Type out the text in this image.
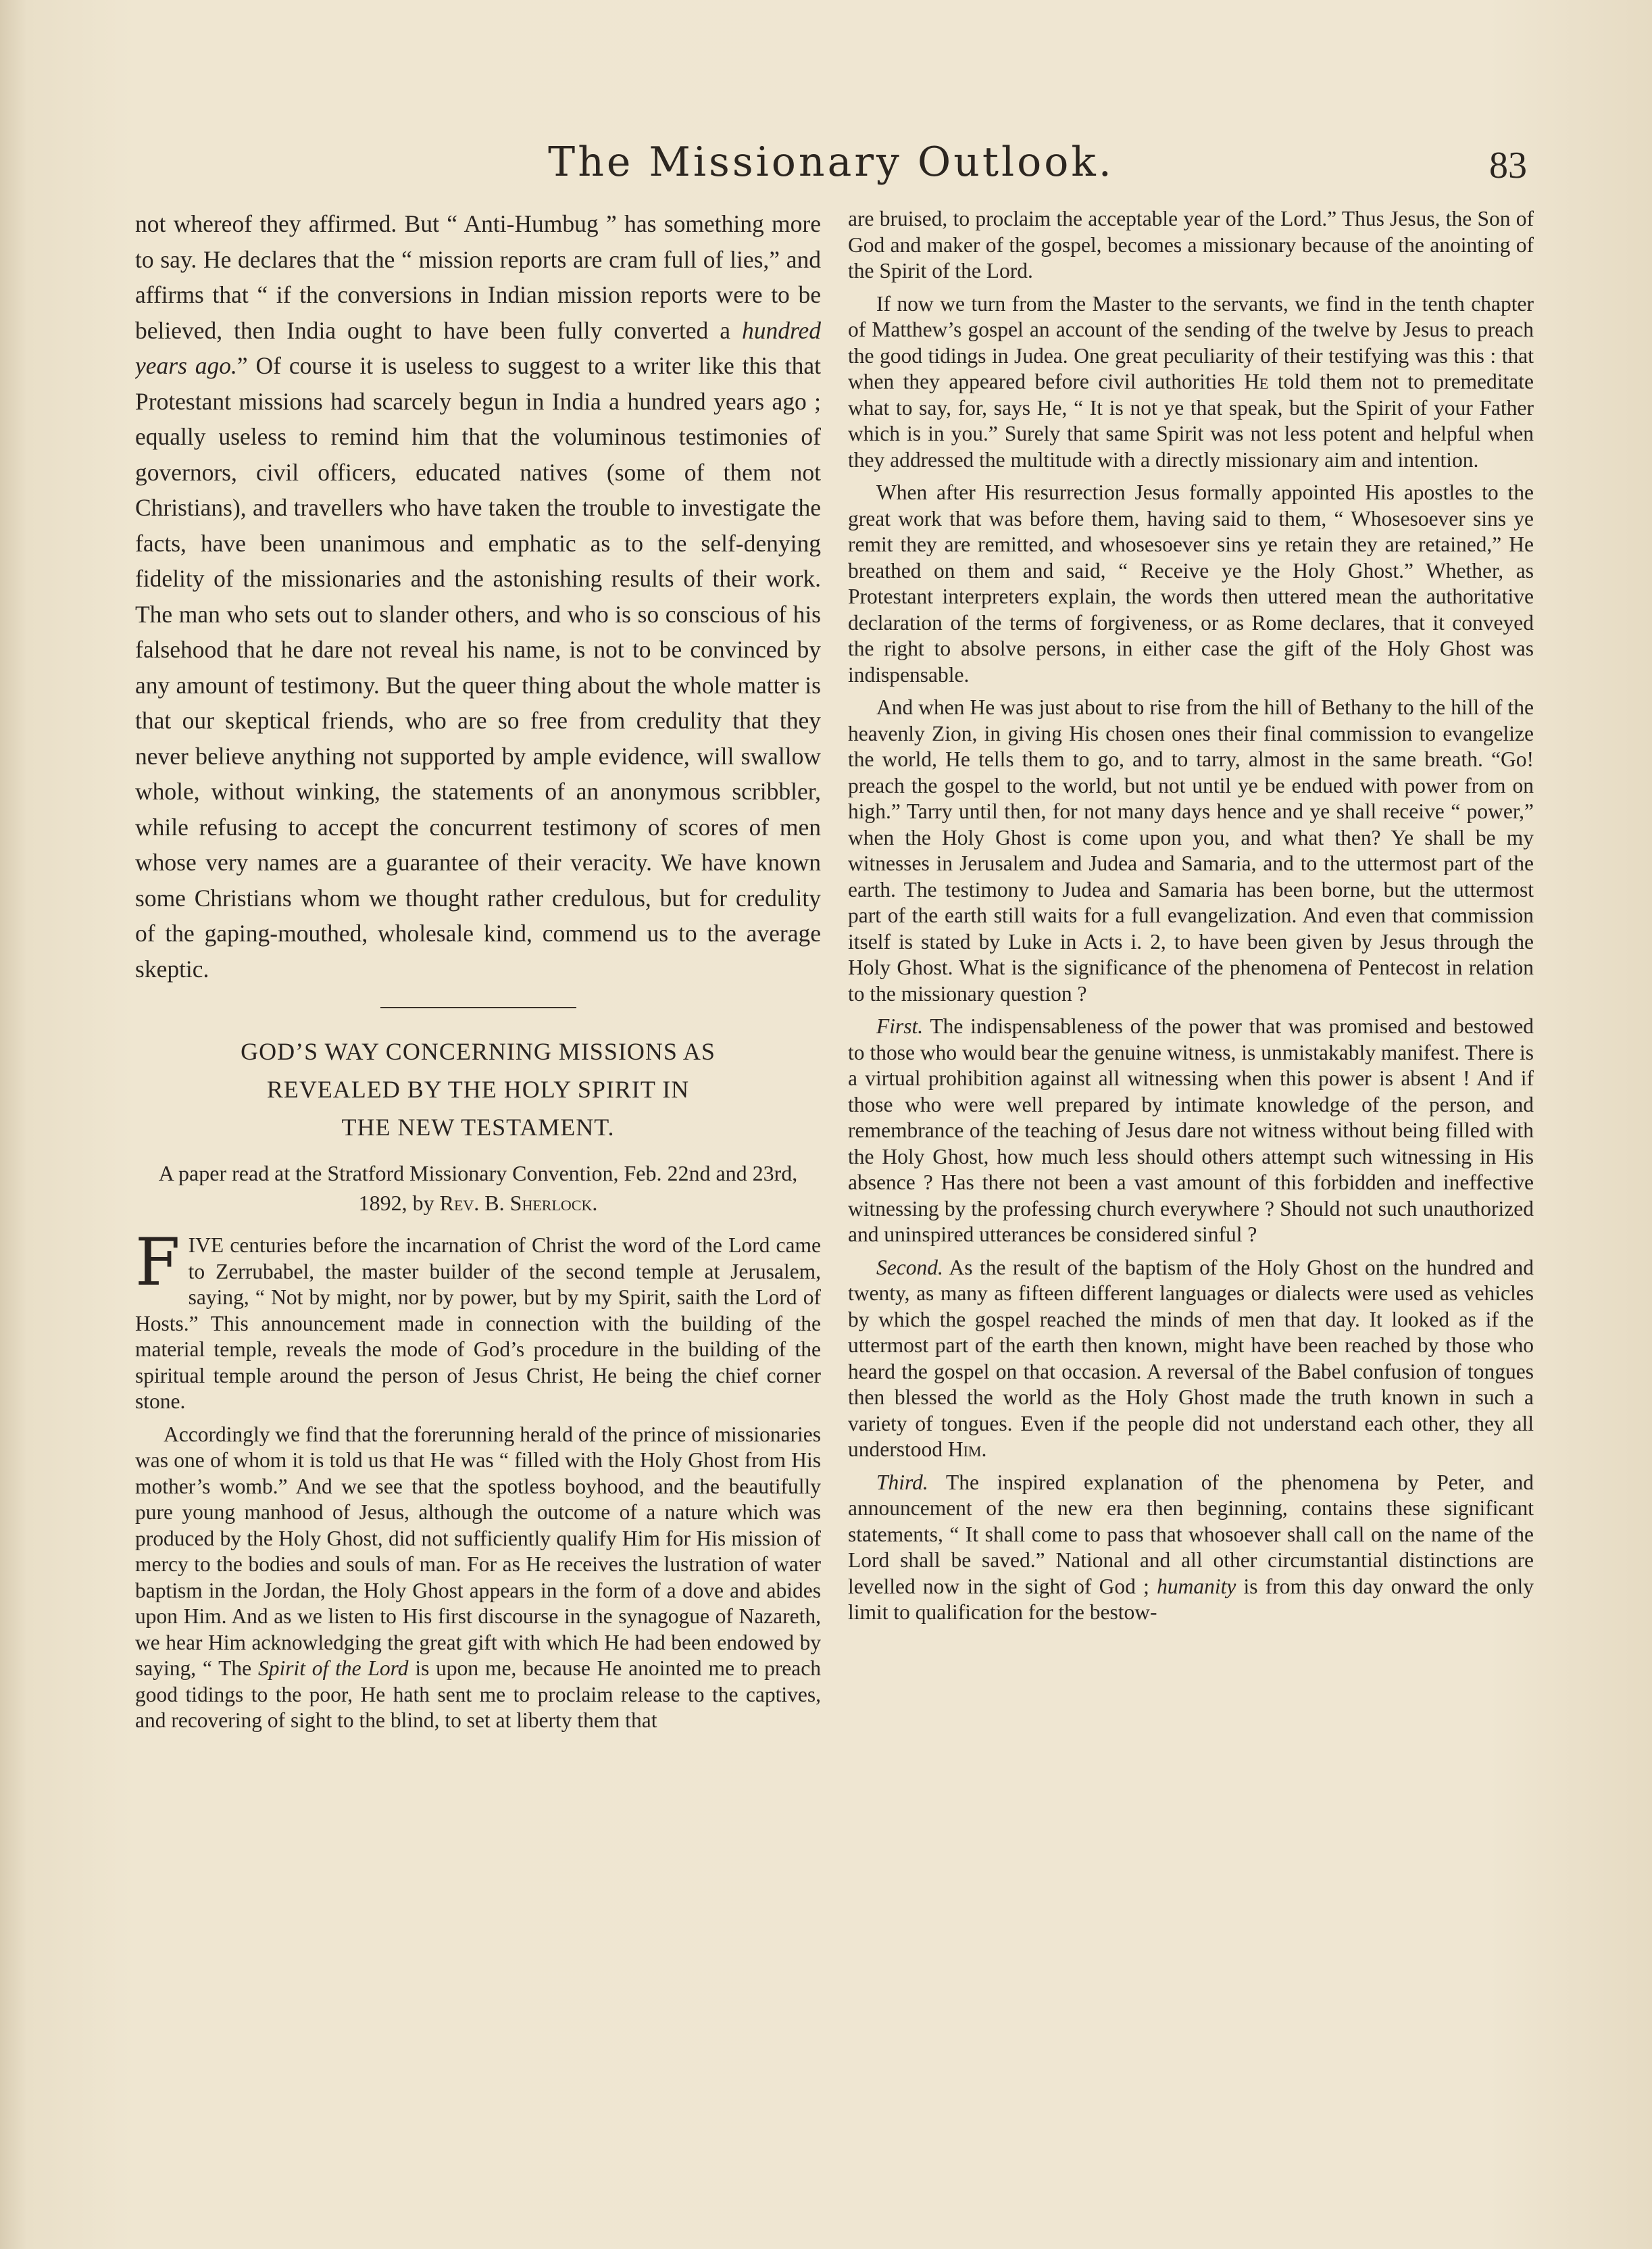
The Missionary Outlook.	83

not whereof they affirmed. But “ Anti-Humbug ” has something more to say. He declares that the “ mission reports are cram full of lies,” and affirms that “ if the conversions in Indian mission reports were to be believed, then India ought to have been fully converted a hundred years ago.” Of course it is useless to suggest to a writer like this that Protestant missions had scarcely begun in India a hundred years ago ; equally useless to remind him that the voluminous testimonies of governors, civil officers, educated natives (some of them not Christians), and travellers who have taken the trouble to investigate the facts, have been unanimous and emphatic as to the self-denying fidelity of the missionaries and the astonishing results of their work. The man who sets out to slander others, and who is so conscious of his falsehood that he dare not reveal his name, is not to be convinced by any amount of testimony. But the queer thing about the whole matter is that our skeptical friends, who are so free from credulity that they never believe anything not supported by ample evidence, will swallow whole, without winking, the statements of an anonymous scribbler, while refusing to accept the concurrent testimony of scores of men whose very names are a guarantee of their veracity. We have known some Christians whom we thought rather credulous, but for credulity of the gaping-mouthed, wholesale kind, commend us to the average skeptic.

GOD’S WAY CONCERNING MISSIONS AS
REVEALED BY THE HOLY SPIRIT IN
THE NEW TESTAMENT.
A paper read at the Stratford Missionary Convention, Feb. 22nd and 23rd, 1892, by Rev. B. Sherlock.

FIVE centuries before the incarnation of Christ the word of the Lord came to Zerrubabel, the master builder of the second temple at Jerusalem, saying, “ Not by might, nor by power, but by my Spirit, saith the Lord of Hosts.” This announcement made in connection with the building of the material temple, reveals the mode of God’s procedure in the building of the spiritual temple around the person of Jesus Christ, He being the chief corner stone.

Accordingly we find that the forerunning herald of the prince of missionaries was one of whom it is told us that He was “ filled with the Holy Ghost from His mother’s womb.” And we see that the spotless boyhood, and the beautifully pure young manhood of Jesus, although the outcome of a nature which was produced by the Holy Ghost, did not sufficiently qualify Him for His mission of mercy to the bodies and souls of man. For as He receives the lustration of water baptism in the Jordan, the Holy Ghost appears in the form of a dove and abides upon Him. And as we listen to His first discourse in the synagogue of Nazareth, we hear Him acknowledging the great gift with which He had been endowed by saying, “ The Spirit of the Lord is upon me, because He anointed me to preach good tidings to the poor, He hath sent me to proclaim release to the captives, and recovering of sight to the blind, to set at liberty them that

are bruised, to proclaim the acceptable year of the Lord.” Thus Jesus, the Son of God and maker of the gospel, becomes a missionary because of the anointing of the Spirit of the Lord.

If now we turn from the Master to the servants, we find in the tenth chapter of Matthew’s gospel an account of the sending of the twelve by Jesus to preach the good tidings in Judea. One great peculiarity of their testifying was this : that when they appeared before civil authorities He told them not to premeditate what to say, for, says He, “ It is not ye that speak, but the Spirit of your Father which is in you.” Surely that same Spirit was not less potent and helpful when they addressed the multitude with a directly missionary aim and intention.

When after His resurrection Jesus formally appointed His apostles to the great work that was before them, having said to them, “ Whosesoever sins ye remit they are remitted, and whosesoever sins ye retain they are retained,” He breathed on them and said, “ Receive ye the Holy Ghost.” Whether, as Protestant interpreters explain, the words then uttered mean the authoritative declaration of the terms of forgiveness, or as Rome declares, that it conveyed the right to absolve persons, in either case the gift of the Holy Ghost was indispensable.

And when He was just about to rise from the hill of Bethany to the hill of the heavenly Zion, in giving His chosen ones their final commission to evangelize the world, He tells them to go, and to tarry, almost in the same breath. “Go! preach the gospel to the world, but not until ye be endued with power from on high.” Tarry until then, for not many days hence and ye shall receive “ power,” when the Holy Ghost is come upon you, and what then? Ye shall be my witnesses in Jerusalem and Judea and Samaria, and to the uttermost part of the earth. The testimony to Judea and Samaria has been borne, but the uttermost part of the earth still waits for a full evangelization. And even that commission itself is stated by Luke in Acts i. 2, to have been given by Jesus through the Holy Ghost. What is the significance of the phenomena of Pentecost in relation to the missionary question ?

First. The indispensableness of the power that was promised and bestowed to those who would bear the genuine witness, is unmistakably manifest. There is a virtual prohibition against all witnessing when this power is absent ! And if those who were well prepared by intimate knowledge of the person, and remembrance of the teaching of Jesus dare not witness without being filled with the Holy Ghost, how much less should others attempt such witnessing in His absence ? Has there not been a vast amount of this forbidden and ineffective witnessing by the professing church everywhere ? Should not such unauthorized and uninspired utterances be considered sinful ?

Second. As the result of the baptism of the Holy Ghost on the hundred and twenty, as many as fifteen different languages or dialects were used as vehicles by which the gospel reached the minds of men that day. It looked as if the uttermost part of the earth then known, might have been reached by those who heard the gospel on that occasion. A reversal of the Babel confusion of tongues then blessed the world as the Holy Ghost made the truth known in such a variety of tongues. Even if the people did not understand each other, they all understood Him.

Third. The inspired explanation of the phenomena by Peter, and announcement of the new era then beginning, contains these significant statements, “ It shall come to pass that whosoever shall call on the name of the Lord shall be saved.” National and all other circumstantial distinctions are levelled now in the sight of God ; humanity is from this day onward the only limit to qualification for the bestow-
